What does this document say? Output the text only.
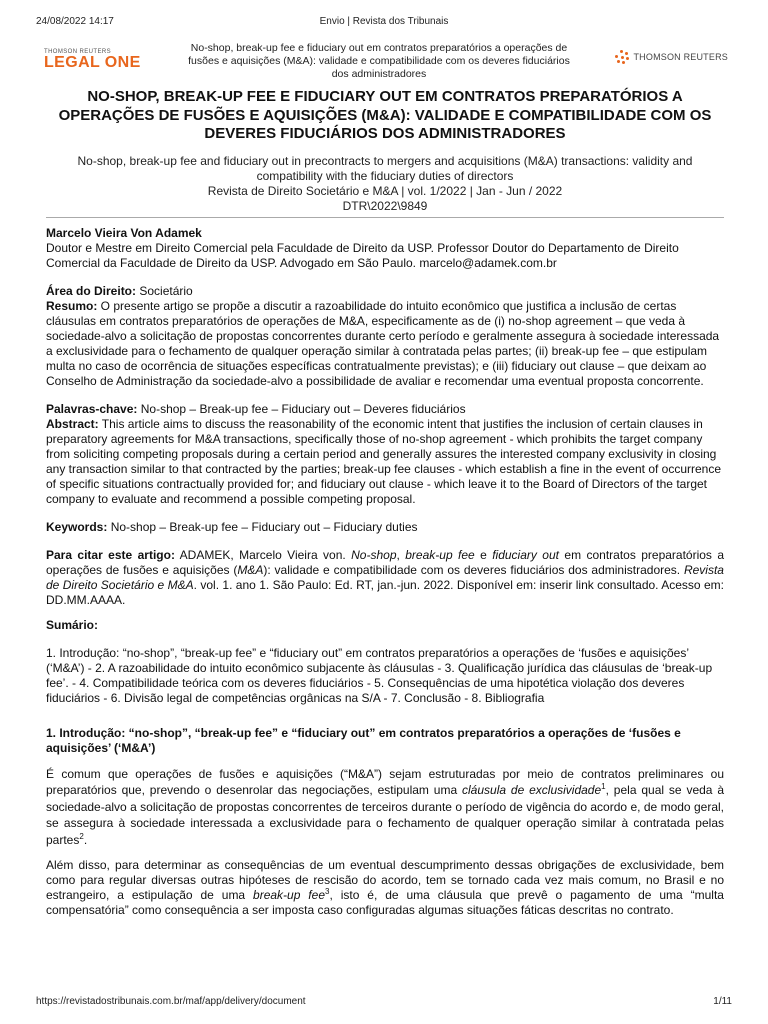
24/08/2022 14:17	Envio | Revista dos Tribunais
THOMSON REUTERS
LEGAL ONE
No-shop, break-up fee e fiduciary out em contratos preparatórios a operações de fusões e aquisições (M&A): validade e compatibilidade com os deveres fiduciários dos administradores
THOMSON REUTERS
NO-SHOP, BREAK-UP FEE E FIDUCIARY OUT EM CONTRATOS PREPARATÓRIOS A OPERAÇÕES DE FUSÕES E AQUISIÇÕES (M&A): VALIDADE E COMPATIBILIDADE COM OS DEVERES FIDUCIÁRIOS DOS ADMINISTRADORES
No-shop, break-up fee and fiduciary out in precontracts to mergers and acquisitions (M&A) transactions: validity and compatibility with the fiduciary duties of directors
Revista de Direito Societário e M&A | vol. 1/2022 | Jan - Jun / 2022
DTR\2022\9849

Marcelo Vieira Von Adamek

Doutor e Mestre em Direito Comercial pela Faculdade de Direito da USP. Professor Doutor do Departamento de Direito Comercial da Faculdade de Direito da USP. Advogado em São Paulo. marcelo@adamek.com.br

Área do Direito: Societário

Resumo: O presente artigo se propõe a discutir a razoabilidade do intuito econômico que justifica a inclusão de certas cláusulas em contratos preparatórios de operações de M&A, especificamente as de (i) no-shop agreement – que veda à sociedade-alvo a solicitação de propostas concorrentes durante certo período e geralmente assegura à sociedade interessada a exclusividade para o fechamento de qualquer operação similar à contratada pelas partes; (ii) break-up fee – que estipulam multa no caso de ocorrência de situações específicas contratualmente previstas); e (iii) fiduciary out clause – que deixam ao Conselho de Administração da sociedade-alvo a possibilidade de avaliar e recomendar uma eventual proposta concorrente.

Palavras-chave: No-shop – Break-up fee – Fiduciary out – Deveres fiduciários

Abstract: This article aims to discuss the reasonability of the economic intent that justifies the inclusion of certain clauses in preparatory agreements for M&A transactions, specifically those of no-shop agreement - which prohibits the target company from soliciting competing proposals during a certain period and generally assures the interested company exclusivity in closing any transaction similar to that contracted by the parties; break-up fee clauses - which establish a fine in the event of occurrence of specific situations contractually provided for; and fiduciary out clause - which leave it to the Board of Directors of the target company to evaluate and recommend a possible competing proposal.

Keywords: No-shop – Break-up fee – Fiduciary out – Fiduciary duties

Para citar este artigo: ADAMEK, Marcelo Vieira von. No-shop, break-up fee e fiduciary out em contratos preparatórios a operações de fusões e aquisições (M&A): validade e compatibilidade com os deveres fiduciários dos administradores. Revista de Direito Societário e M&A. vol. 1. ano 1. São Paulo: Ed. RT, jan.-jun. 2022. Disponível em: inserir link consultado. Acesso em: DD.MM.AAAA.

Sumário:

1. Introdução: “no-shop”, “break-up fee” e “fiduciary out” em contratos preparatórios a operações de ‘fusões e aquisições’ (‘M&A’) - 2. A razoabilidade do intuito econômico subjacente às cláusulas - 3. Qualificação jurídica das cláusulas de ‘break-up fee’. - 4. Compatibilidade teórica com os deveres fiduciários - 5. Consequências de uma hipotética violação dos deveres fiduciários - 6. Divisão legal de competências orgânicas na S/A - 7. Conclusão - 8. Bibliografia

1. Introdução: “no-shop”, “break-up fee” e “fiduciary out” em contratos preparatórios a operações de ‘fusões e aquisições’ (‘M&A’)

É comum que operações de fusões e aquisições (“M&A”) sejam estruturadas por meio de contratos preliminares ou preparatórios que, prevendo o desenrolar das negociações, estipulam uma cláusula de exclusividade$^1$, pela qual se veda à sociedade-alvo a solicitação de propostas concorrentes de terceiros durante o período de vigência do acordo e, de modo geral, se assegura à sociedade interessada a exclusividade para o fechamento de qualquer operação similar à contratada pelas partes$^2$.

Além disso, para determinar as consequências de um eventual descumprimento dessas obrigações de exclusividade, bem como para regular diversas outras hipóteses de rescisão do acordo, tem se tornado cada vez mais comum, no Brasil e no estrangeiro, a estipulação de uma break-up fee$^3$, isto é, de uma cláusula que prevê o pagamento de uma “multa compensatória” como consequência a ser imposta caso configuradas algumas situações fáticas descritas no contrato.

https://revistadostribunais.com.br/maf/app/delivery/document	1/11
